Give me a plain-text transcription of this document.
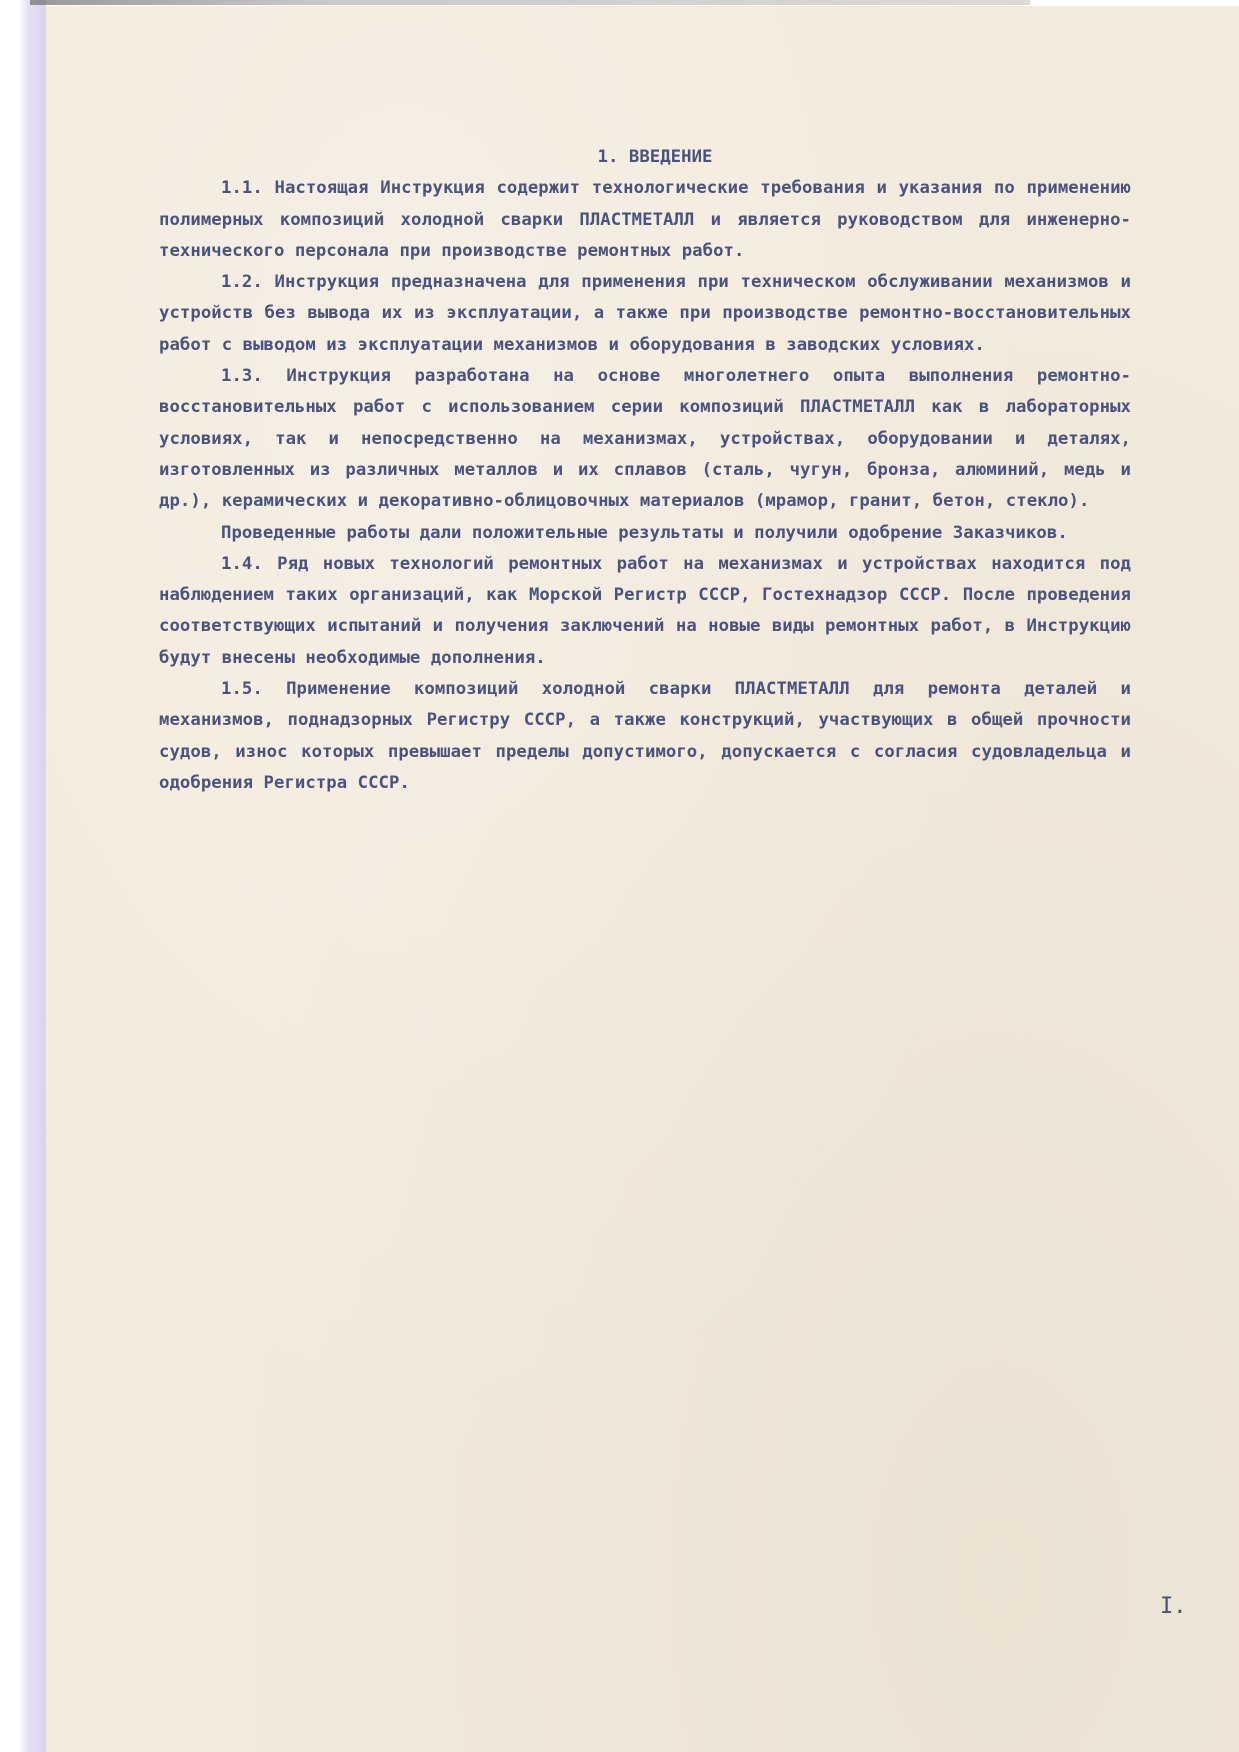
1. ВВЕДЕНИЕ

1.1. Настоящая Инструкция содержит технологические требования и указания по применению полимерных композиций холодной сварки ПЛАСТМЕТАЛЛ и является руководством для инженерно-технического персонала при производстве ремонтных работ.

1.2. Инструкция предназначена для применения при техническом обслуживании механизмов и устройств без вывода их из эксплуатации, а также при производстве ремонтно-восстановительных работ с выводом из эксплуатации механизмов и оборудования в заводских условиях.

1.3. Инструкция разработана на основе многолетнего опыта выполнения ремонтно-восстановительных работ с использованием серии композиций ПЛАСТМЕТАЛЛ как в лабораторных условиях, так и непосредственно на механизмах, устройствах, оборудовании и деталях, изготовленных из различных металлов и их сплавов (сталь, чугун, бронза, алюминий, медь и др.), керамических и декоративно-облицовочных материалов (мрамор, гранит, бетон, стекло).

Проведенные работы дали положительные результаты и получили одобрение Заказчиков.

1.4. Ряд новых технологий ремонтных работ на механизмах и устройствах находится под наблюдением таких организаций, как Морской Регистр СССР, Гостехнадзор СССР. После проведения соответствующих испытаний и получения заключений на новые виды ремонтных работ, в Инструкцию будут внесены необходимые дополнения.

1.5. Применение композиций холодной сварки ПЛАСТМЕТАЛЛ для ремонта деталей и механизмов, поднадзорных Регистру СССР, а также конструкций, участвующих в общей прочности судов, износ которых превышает пределы допустимого, допускается с согласия судовладельца и одобрения Регистра СССР.

I.
